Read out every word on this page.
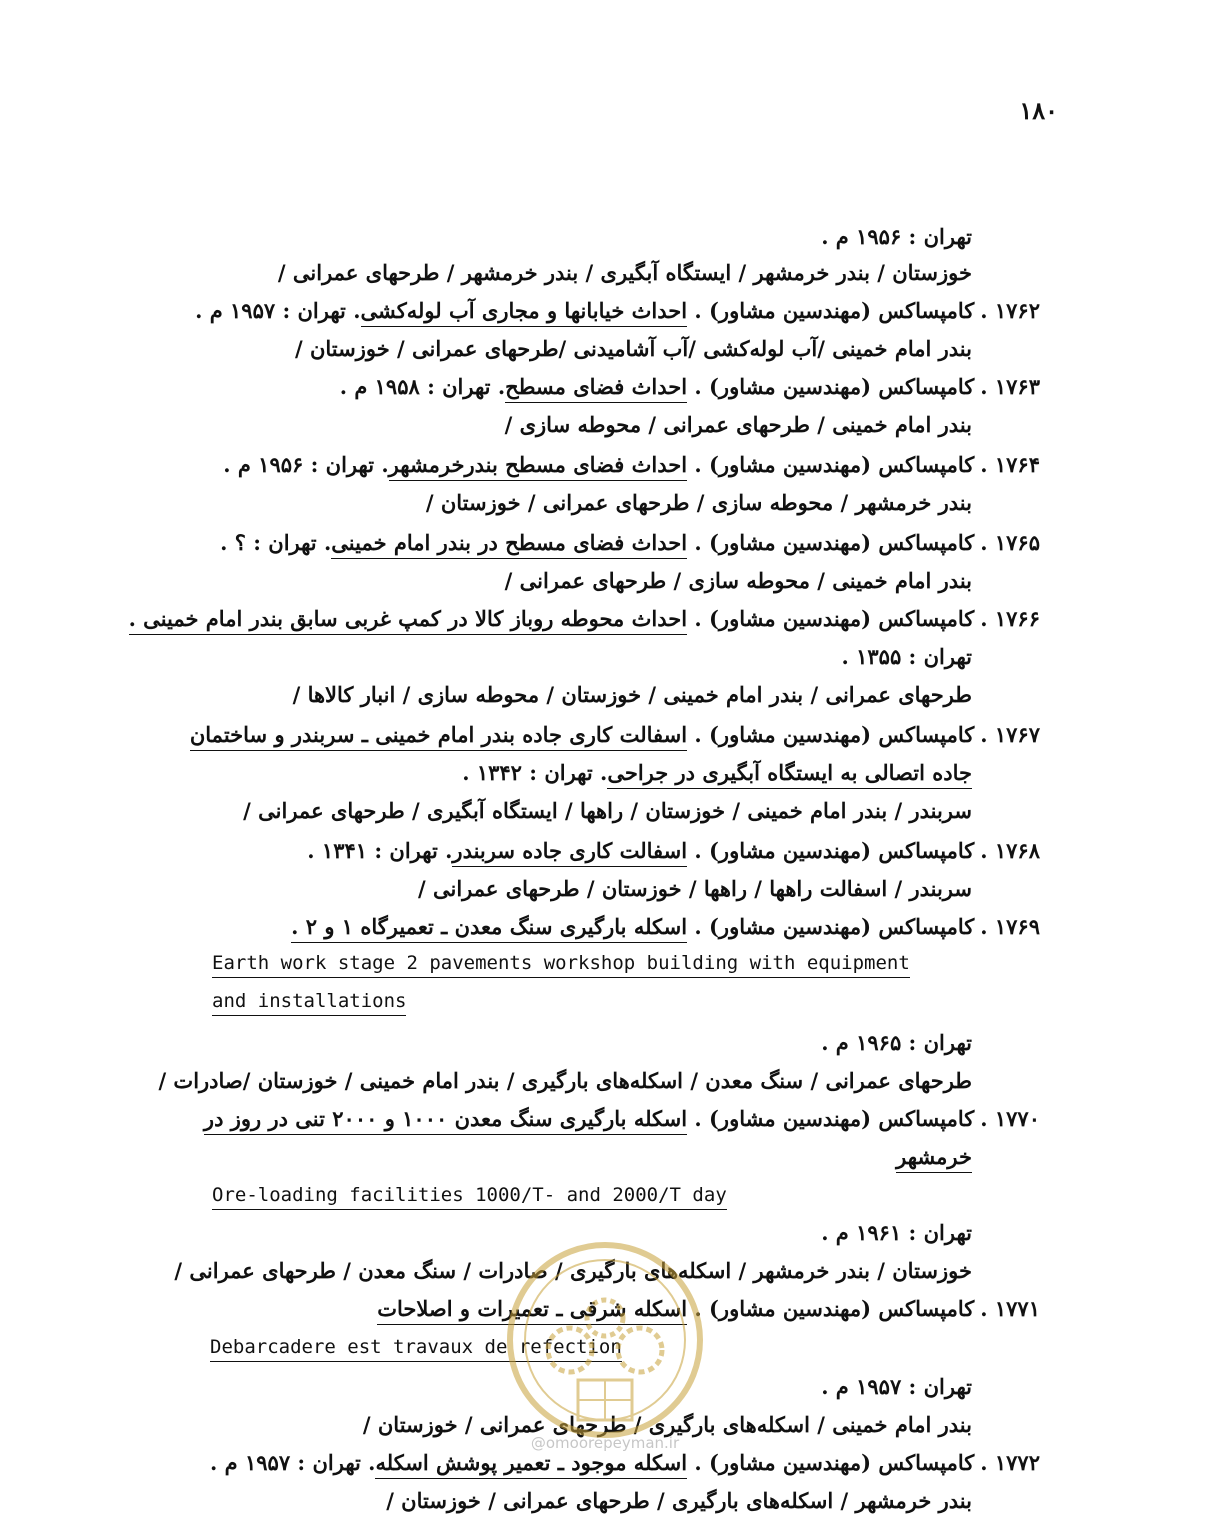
۱۸۰
تهران : ۱۹۵۶ م .
خوزستان / بندر خرمشهر / ایستگاه آبگیری / بندر خرمشهر / طرحهای عمرانی /
۱۷۶۲ .کامپساکس (مهندسین مشاور) . احداث خیابانها و مجاری آب لوله‌کشی. تهران : ۱۹۵۷ م .
بندر امام خمینی /آب لوله‌کشی /آب آشامیدنی /طرحهای عمرانی / خوزستان /
۱۷۶۳ .کامپساکس (مهندسین مشاور) . احداث فضای مسطح. تهران : ۱۹۵۸ م .
بندر امام خمینی / طرحهای عمرانی / محوطه سازی /
۱۷۶۴ .کامپساکس (مهندسین مشاور) . احداث فضای مسطح بندرخرمشهر. تهران : ۱۹۵۶ م .
بندر خرمشهر / محوطه سازی / طرحهای عمرانی / خوزستان /
۱۷۶۵ .کامپساکس (مهندسین مشاور) . احداث فضای مسطح در بندر امام خمینی. تهران : ؟ .
بندر امام خمینی / محوطه سازی / طرحهای عمرانی /
۱۷۶۶ .کامپساکس (مهندسین مشاور) . احداث محوطه روباز کالا در کمپ غربی سابق بندر امام خمینی .
تهران : ۱۳۵۵ .
طرحهای عمرانی / بندر امام خمینی / خوزستان / محوطه سازی / انبار کالاها /
۱۷۶۷ .کامپساکس (مهندسین مشاور) . اسفالت کاری جاده بندر امام خمینی ـ سربندر و ساختمان
جاده اتصالی به ایستگاه آبگیری در جراحی. تهران : ۱۳۴۲ .
سربندر / بندر امام خمینی / خوزستان / راهها / ایستگاه آبگیری / طرحهای عمرانی /
۱۷۶۸ .کامپساکس (مهندسین مشاور) . اسفالت کاری جاده سربندر. تهران : ۱۳۴۱ .
سربندر / اسفالت راهها / راهها / خوزستان / طرحهای عمرانی /
۱۷۶۹ .کامپساکس (مهندسین مشاور) . اسکله بارگیری سنگ معدن ـ تعمیرگاه ۱ و ۲ .
Earth work stage 2 pavements workshop building with equipment
and installations
تهران : ۱۹۶۵ م .
طرحهای عمرانی / سنگ معدن / اسکله‌های بارگیری / بندر امام خمینی / خوزستان /صادرات /
۱۷۷۰ .کامپساکس (مهندسین مشاور) . اسکله بارگیری سنگ معدن ۱۰۰۰ و ۲۰۰۰ تنی در روز در
خرمشهر
Ore-loading facilities 1000/T- and 2000/T day
تهران : ۱۹۶۱ م .
خوزستان / بندر خرمشهر / اسکله‌های بارگیری / صادرات / سنگ معدن / طرحهای عمرانی /
۱۷۷۱ .کامپساکس (مهندسین مشاور) . اسکله شرقی ـ تعمیرات و اصلاحات
Debarcadere est travaux de refection
تهران : ۱۹۵۷ م .
بندر امام خمینی / اسکله‌های بارگیری / طرحهای عمرانی / خوزستان /
۱۷۷۲ .کامپساکس (مهندسین مشاور) . اسکله موجود ـ تعمیر پوشش اسکله. تهران : ۱۹۵۷ م .
بندر خرمشهر / اسکله‌های بارگیری / طرحهای عمرانی / خوزستان /
@omoorepeyman.ir
